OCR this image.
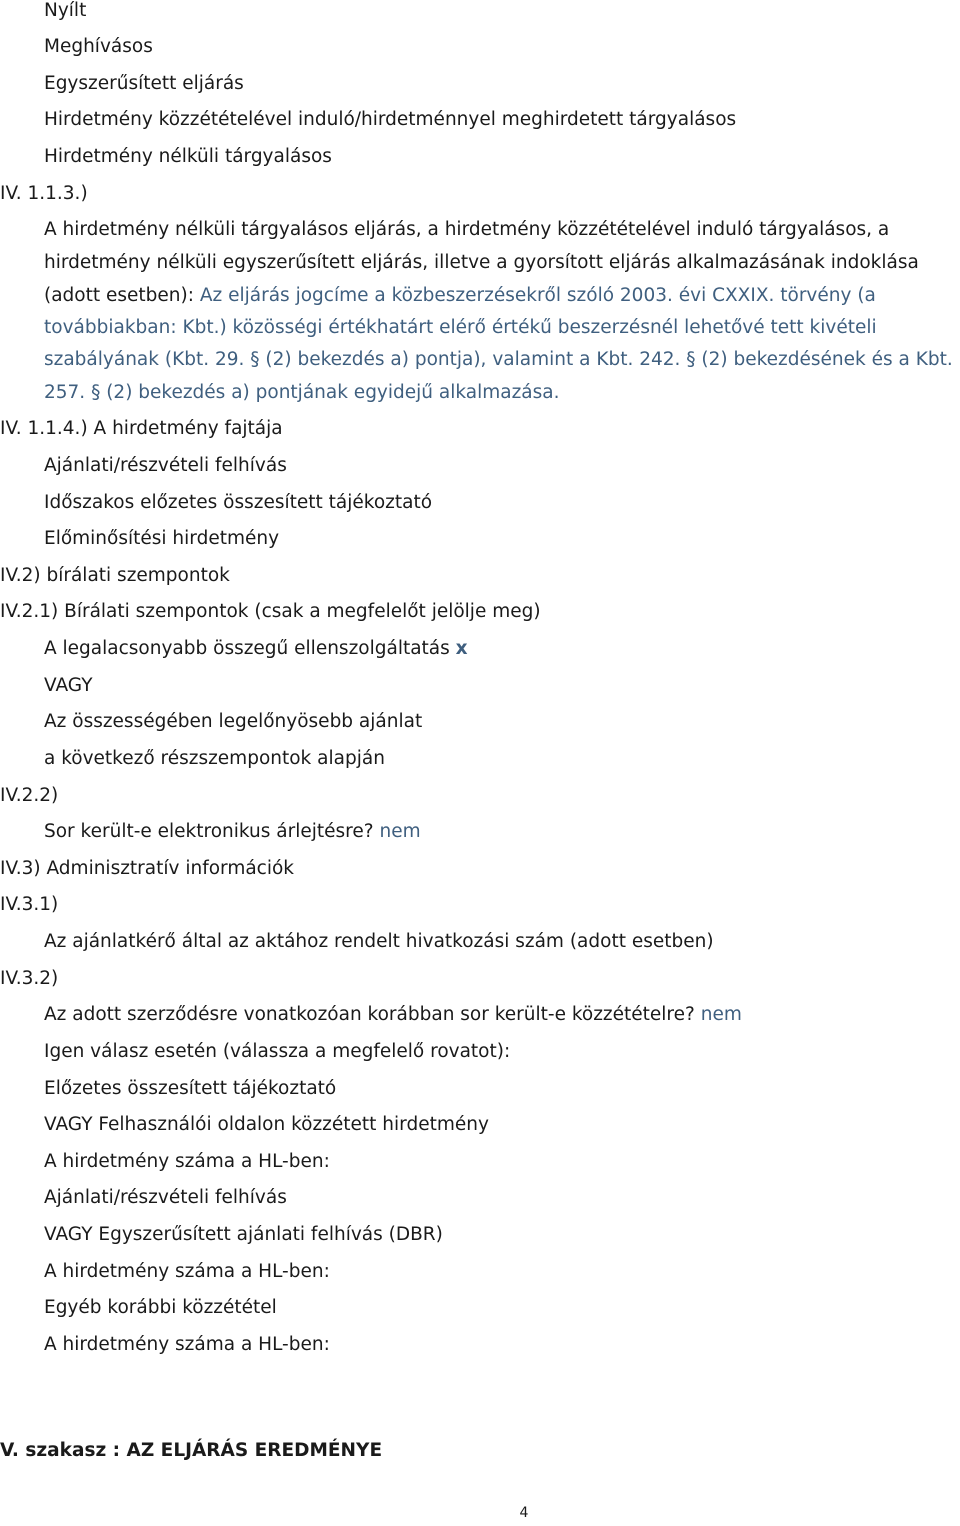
Nyílt
Meghívásos
Egyszerűsített eljárás
Hirdetmény közzétételével induló/hirdetménnyel meghirdetett tárgyalásos
Hirdetmény nélküli tárgyalásos
IV. 1.1.3.)
A hirdetmény nélküli tárgyalásos eljárás, a hirdetmény közzétételével induló tárgyalásos, a
hirdetmény nélküli egyszerűsített eljárás, illetve a gyorsított eljárás alkalmazásának indoklása
(adott esetben): Az eljárás jogcíme a közbeszerzésekről szóló 2003. évi CXXIX. törvény (a
továbbiakban: Kbt.) közösségi értékhatárt elérő értékű beszerzésnél lehetővé tett kivételi
szabályának (Kbt. 29. § (2) bekezdés a) pontja), valamint a Kbt. 242. § (2) bekezdésének és a Kbt.
257. § (2) bekezdés a) pontjának egyidejű alkalmazása.
IV. 1.1.4.) A hirdetmény fajtája
Ajánlati/részvételi felhívás
Időszakos előzetes összesített tájékoztató
Előminősítési hirdetmény
IV.2) bírálati szempontok
IV.2.1) Bírálati szempontok (csak a megfelelőt jelölje meg)
A legalacsonyabb összegű ellenszolgáltatás x
VAGY
Az összességében legelőnyösebb ajánlat
a következő részszempontok alapján
IV.2.2)
Sor került-e elektronikus árlejtésre? nem
IV.3) Adminisztratív információk
IV.3.1)
Az ajánlatkérő által az aktához rendelt hivatkozási szám (adott esetben)
IV.3.2)
Az adott szerződésre vonatkozóan korábban sor került-e közzétételre? nem
Igen válasz esetén (válassza a megfelelő rovatot):
Előzetes összesített tájékoztató
VAGY Felhasználói oldalon közzétett hirdetmény
A hirdetmény száma a HL-ben:
Ajánlati/részvételi felhívás
VAGY Egyszerűsített ajánlati felhívás (DBR)
A hirdetmény száma a HL-ben:
Egyéb korábbi közzététel
A hirdetmény száma a HL-ben:
V. szakasz : AZ ELJÁRÁS EREDMÉNYE
4
